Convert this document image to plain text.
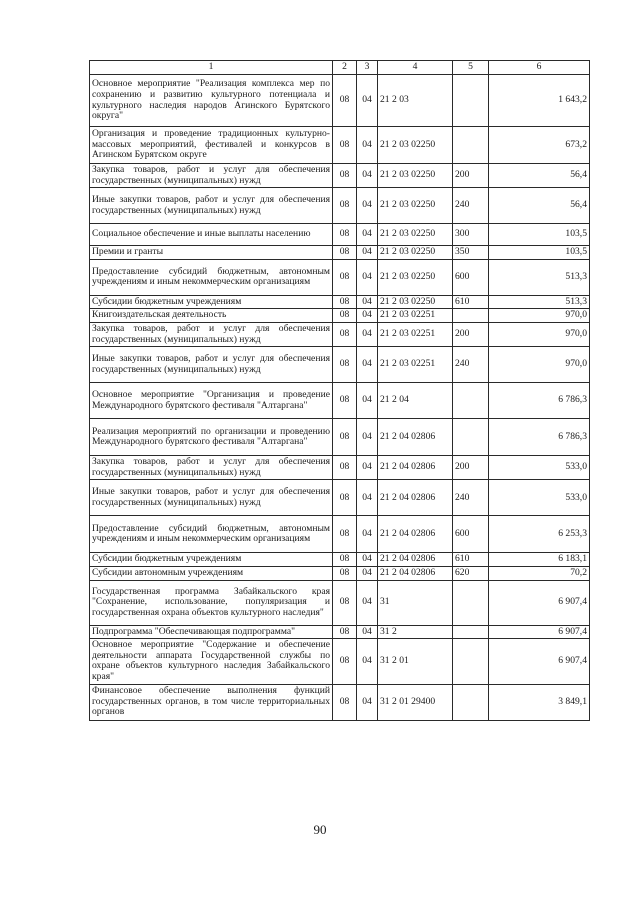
1	2	3	4	5	6
Основное мероприятие "Реализация комплекса мер по сохранению и развитию культурного потенциала и культурного наследия народов Агинского Бурятского округа"	08	04	21 2 03		1 643,2
Организация и проведение традиционных культурно-массовых мероприятий, фестивалей и конкурсов в Агинском Бурятском округе	08	04	21 2 03 02250		673,2
Закупка товаров, работ и услуг для обеспечения государственных (муниципальных) нужд	08	04	21 2 03 02250	200	56,4
Иные закупки товаров, работ и услуг для обеспечения государственных (муниципальных) нужд	08	04	21 2 03 02250	240	56,4
Социальное обеспечение и иные выплаты населению	08	04	21 2 03 02250	300	103,5
Премии и гранты	08	04	21 2 03 02250	350	103,5
Предоставление субсидий бюджетным, автономным учреждениям и иным некоммерческим организациям	08	04	21 2 03 02250	600	513,3
Субсидии бюджетным учреждениям	08	04	21 2 03 02250	610	513,3
Книгоиздательская деятельность	08	04	21 2 03 02251		970,0
Закупка товаров, работ и услуг для обеспечения государственных (муниципальных) нужд	08	04	21 2 03 02251	200	970,0
Иные закупки товаров, работ и услуг для обеспечения государственных (муниципальных) нужд	08	04	21 2 03 02251	240	970,0
Основное мероприятие "Организация и проведение Международного бурятского фестиваля "Алтаргана"	08	04	21 2 04		6 786,3
Реализация мероприятий по организации и проведению Международного бурятского фестиваля "Алтаргана"	08	04	21 2 04 02806		6 786,3
Закупка товаров, работ и услуг для обеспечения государственных (муниципальных) нужд	08	04	21 2 04 02806	200	533,0
Иные закупки товаров, работ и услуг для обеспечения государственных (муниципальных) нужд	08	04	21 2 04 02806	240	533,0
Предоставление субсидий бюджетным, автономным учреждениям и иным некоммерческим организациям	08	04	21 2 04 02806	600	6 253,3
Субсидии бюджетным учреждениям	08	04	21 2 04 02806	610	6 183,1
Субсидии автономным учреждениям	08	04	21 2 04 02806	620	70,2
Государственная программа Забайкальского края "Сохранение, использование, популяризация и государственная охрана объектов культурного наследия"	08	04	31		6 907,4
Подпрограмма "Обеспечивающая подпрограмма"	08	04	31 2		6 907,4
Основное мероприятие "Содержание и обеспечение деятельности аппарата Государственной службы по охране объектов культурного наследия Забайкальского края"	08	04	31 2 01		6 907,4
Финансовое обеспечение выполнения функций государственных органов, в том числе территориальных органов	08	04	31 2 01 29400		3 849,1
90
